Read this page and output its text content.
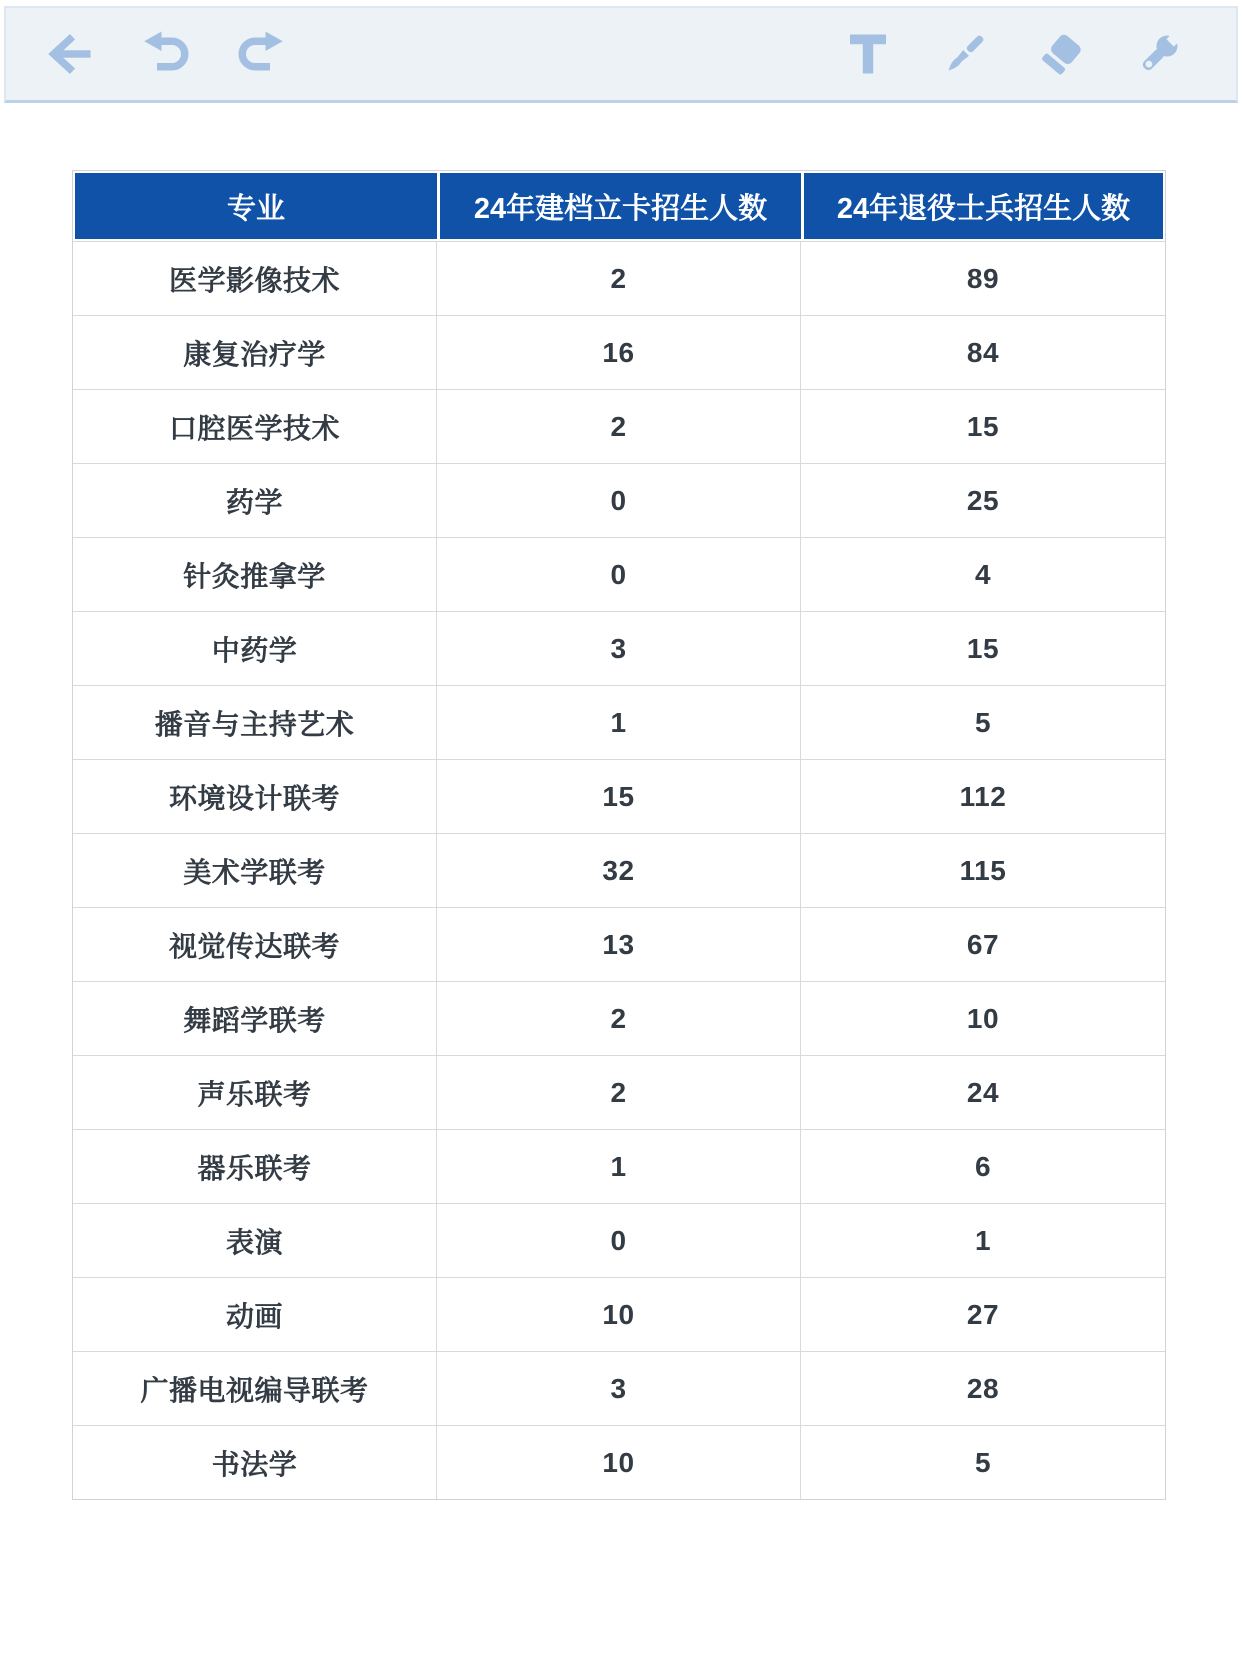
专业	24年建档立卡招生人数	24年退役士兵招生人数
医学影像技术	2	89
康复治疗学	16	84
口腔医学技术	2	15
药学	0	25
针灸推拿学	0	4
中药学	3	15
播音与主持艺术	1	5
环境设计联考	15	112
美术学联考	32	115
视觉传达联考	13	67
舞蹈学联考	2	10
声乐联考	2	24
器乐联考	1	6
表演	0	1
动画	10	27
广播电视编导联考	3	28
书法学	10	5
